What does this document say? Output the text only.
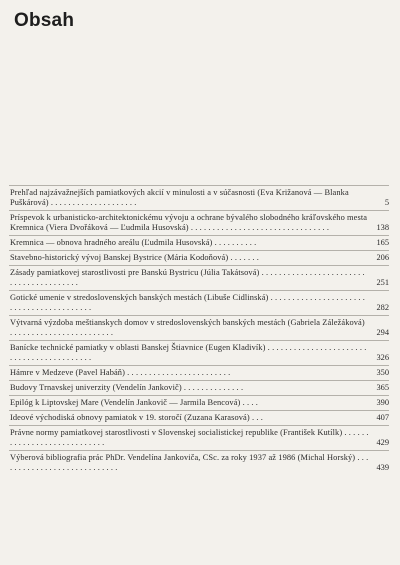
Obsah
Prehľad najzávažnejších pamiatkových akcií v minulosti a v súčasnosti (Eva Križanová — Blanka Puškárová) . . . . . . . . . . . . . . . . . . . .	5
Príspevok k urbanisticko-architektonickému vývoju a ochrane bývalého slobodného kráľovského mesta Kremnica (Viera Dvořáková — Ľudmila Husovská) . . . . . . . . . . . . . . . . . . . . . . . . . . . . . . . .	138
Kremnica — obnova hradného areálu (Ľudmila Husovská) . . . . . . . . . .	165
Stavebno-historický vývoj Banskej Bystrice (Mária Kodoňová) . . . . . . .	206
Zásady pamiatkovej starostlivosti pre Banskú Bystricu (Júlia Takátsová) . . . . . . . . . . . . . . . . . . . . . . . . . . . . . . . . . . . . . . . .	251
Gotické umenie v stredoslovenských banských mestách (Libuše Cidlinská) . . . . . . . . . . . . . . . . . . . . . . . . . . . . . . . . . . . . . . . . .	282
Výtvarná výzdoba meštianskych domov v stredoslovenských banských mestách (Gabriela Záležáková) . . . . . . . . . . . . . . . . . . . . . . . .	294
Banícke technické pamiatky v oblasti Banskej Štiavnice (Eugen Kladivík) . . . . . . . . . . . . . . . . . . . . . . . . . . . . . . . . . . . . . . . . . .	326
Hámre v Medzeve (Pavel Habáň) . . . . . . . . . . . . . . . . . . . . . . . .	350
Budovy Trnavskej univerzity (Vendelín Jankovič) . . . . . . . . . . . . . .	365
Epilóg k Liptovskej Mare (Vendelín Jankovič — Jarmila Bencová) . . . .	390
Ideové východiská obnovy pamiatok v 19. storočí (Zuzana Karasová) . . .	407
Právne normy pamiatkovej starostlivosti v Slovenskej socialistickej republike (František Kutílk) . . . . . . . . . . . . . . . . . . . . . . . . . . . .	429
Výberová bibliografia prác PhDr. Vendelína Jankoviča, CSc. za roky 1937 až 1986 (Michal Horský) . . . . . . . . . . . . . . . . . . . . . . . . . . . .	439
